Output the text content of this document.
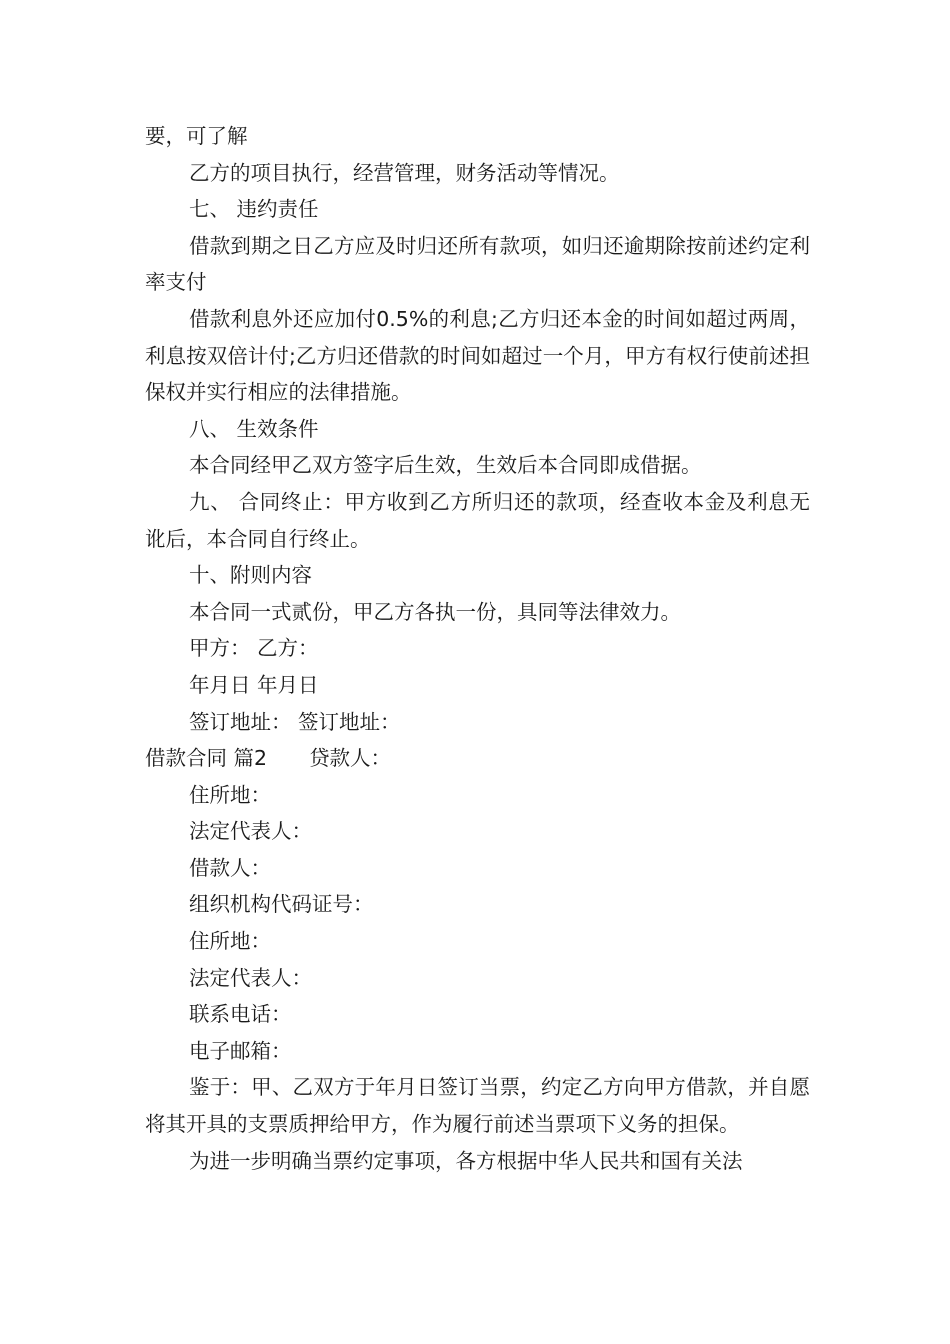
要，可了解

乙方的项目执行，经营管理，财务活动等情况。

七、 违约责任

借款到期之日乙方应及时归还所有款项，如归还逾期除按前述约定利率支付

借款利息外还应加付0.5%的利息;乙方归还本金的时间如超过两周，利息按双倍计付;乙方归还借款的时间如超过一个月，甲方有权行使前述担保权并实行相应的法律措施。

八、 生效条件

本合同经甲乙双方签字后生效，生效后本合同即成借据。

九、 合同终止：甲方收到乙方所归还的款项，经查收本金及利息无讹后，本合同自行终止。

十、附则内容

本合同一式贰份，甲乙方各执一份，具同等法律效力。

甲方： 乙方：

年月日 年月日

签订地址： 签订地址：

借款合同 篇2 贷款人：

住所地：

法定代表人：

借款人：

组织机构代码证号：

住所地：

法定代表人：

联系电话：

电子邮箱：

鉴于：甲、乙双方于年月日签订当票，约定乙方向甲方借款，并自愿将其开具的支票质押给甲方，作为履行前述当票项下义务的担保。

为进一步明确当票约定事项，各方根据中华人民共和国有关法
